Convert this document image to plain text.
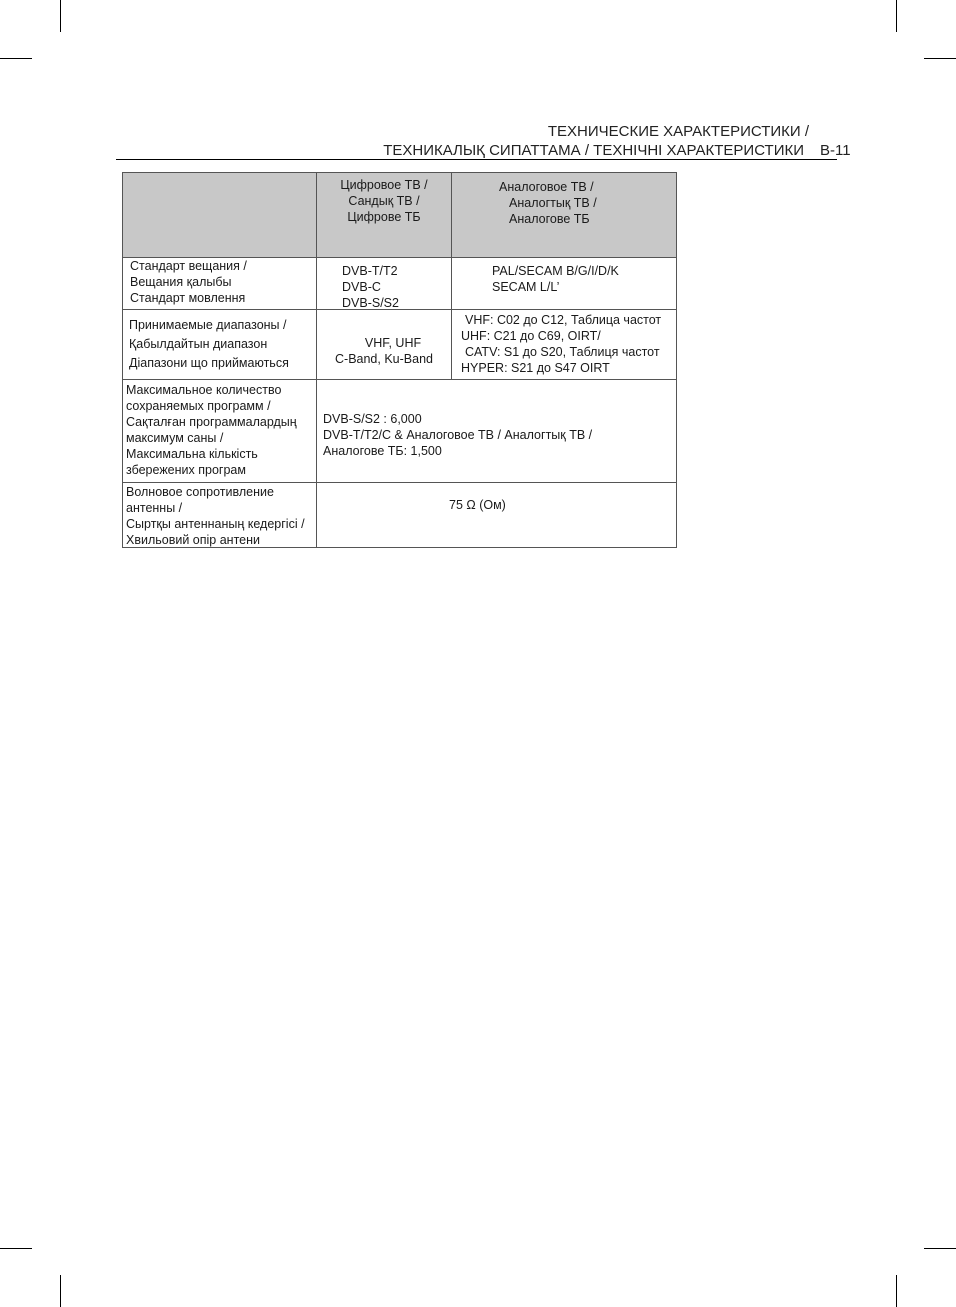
ТЕХНИЧЕСКИЕ ХАРАКТЕРИСТИКИ /
ТЕХНИКАЛЫҚ СИПАТТАМА / ТЕХНІЧНІ ХАРАКТЕРИСТИКИ B-11
Цифровое ТВ /
Сандық ТВ /
Цифрове ТБ
Аналоговое ТВ /
Аналогтық ТВ /
Аналогове ТБ
Стандарт вещания /
Вещания қалыбы
Стандарт мовлення
DVB-T/T2
DVB-C
DVB-S/S2
PAL/SECAM B/G/I/D/K
SECAM L/L’
Принимаемые диапазоны /
Қабылдайтын диапазон
Діапазони що приймаються
VHF, UHF
C-Band, Ku-Band
VHF: C02 до C12, Таблица частот
UHF: C21 до C69, OIRT/
CATV: S1 до S20, Таблиця частот
HYPER: S21 до S47 OIRT
Максимальное количество
сохраняемых программ /
Сақталған программалардың
максимум саны /
Максимальна кількість
збережених програм
DVB-S/S2 : 6,000
DVB-T/T2/C & Аналоговое ТВ / Аналогтық ТВ /
Аналогове ТБ: 1,500
Волновое сопротивление
антенны /
Сыртқы антеннаның кедергісі /
Хвильовий опір антени
75 Ω (Ом)
